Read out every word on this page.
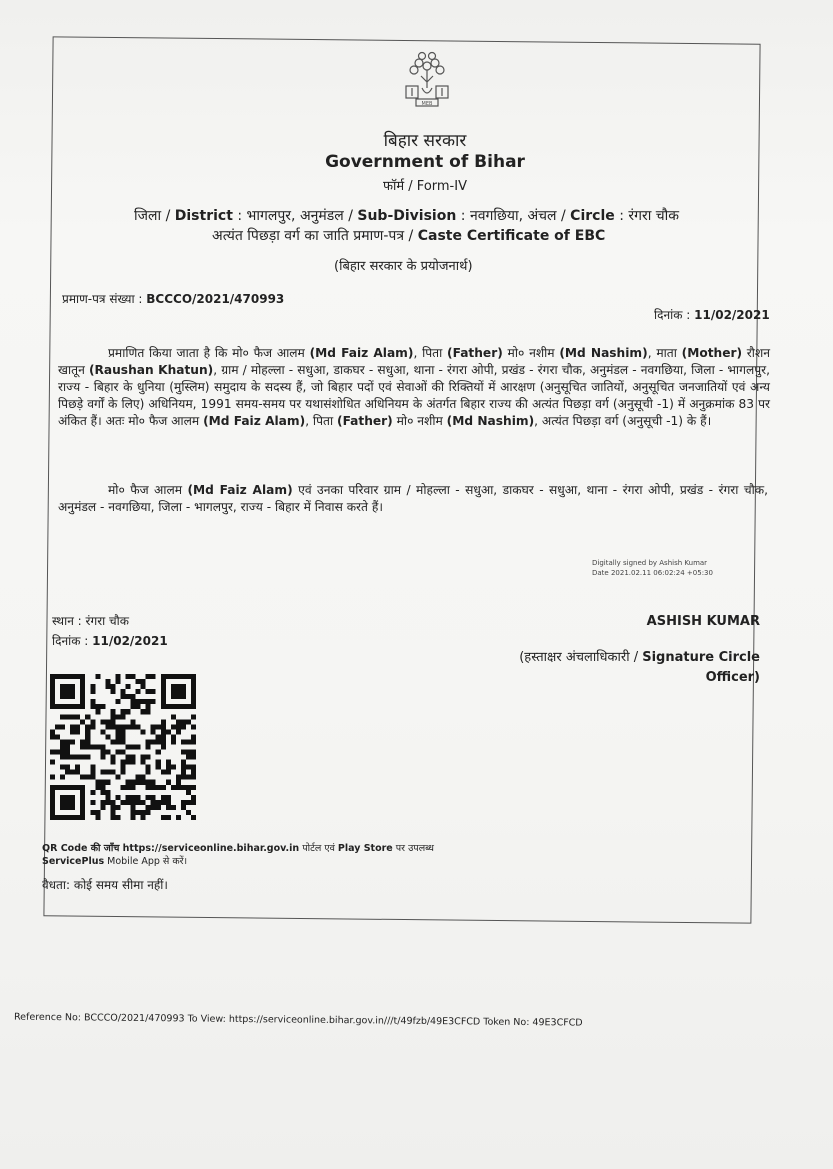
MEB
बिहार सरकार
Government of Bihar
फॉर्म / Form-IV
जिला / District : भागलपुर, अनुमंडल / Sub-Division : नवगछिया, अंचल / Circle : रंगरा चौक
अत्यंत पिछड़ा वर्ग का जाति प्रमाण-पत्र / Caste Certificate of EBC
(बिहार सरकार के प्रयोजनार्थ)
प्रमाण-पत्र संख्या : BCCCO/2021/470993
दिनांक : 11/02/2021

प्रमाणित किया जाता है कि मो० फैज आलम (Md Faiz Alam), पिता (Father) मो० नशीम (Md Nashim), माता (Mother) रौशन खातून (Raushan Khatun), ग्राम / मोहल्ला - सधुआ, डाकघर - सधुआ, थाना - रंगरा ओपी, प्रखंड - रंगरा चौक, अनुमंडल - नवगछिया, जिला - भागलपुर, राज्य - बिहार के धुनिया (मुस्लिम) समुदाय के सदस्य हैं, जो बिहार पदों एवं सेवाओं की रिक्तियों में आरक्षण (अनुसूचित जातियों, अनुसूचित जनजातियों एवं अन्य पिछड़े वर्गों के लिए) अधिनियम, 1991 समय-समय पर यथासंशोधित अधिनियम के अंतर्गत बिहार राज्य की अत्यंत पिछड़ा वर्ग (अनुसूची -1) में अनुक्रमांक 83 पर अंकित हैं। अतः मो० फैज आलम (Md Faiz Alam), पिता (Father) मो० नशीम (Md Nashim), अत्यंत पिछड़ा वर्ग (अनुसूची -1) के हैं।

मो० फैज आलम (Md Faiz Alam) एवं उनका परिवार ग्राम / मोहल्ला - सधुआ, डाकघर - सधुआ, थाना - रंगरा ओपी, प्रखंड - रंगरा चौक, अनुमंडल - नवगछिया, जिला - भागलपुर, राज्य - बिहार में निवास करते हैं।

Digitally signed by Ashish Kumar
Date 2021.02.11 06:02:24 +05:30
स्थान : रंगरा चौक
दिनांक : 11/02/2021
ASHISH KUMAR
(हस्ताक्षर अंचलाधिकारी / Signature Circle Officer)
QR Code की जाँच https://serviceonline.bihar.gov.in पोर्टल एवं Play Store पर उपलब्ध ServicePlus Mobile App से करें।
वैधता: कोई समय सीमा नहीं।
Reference No: BCCCO/2021/470993 To View: https://serviceonline.bihar.gov.in///t/49fzb/49E3CFCD Token No: 49E3CFCD
